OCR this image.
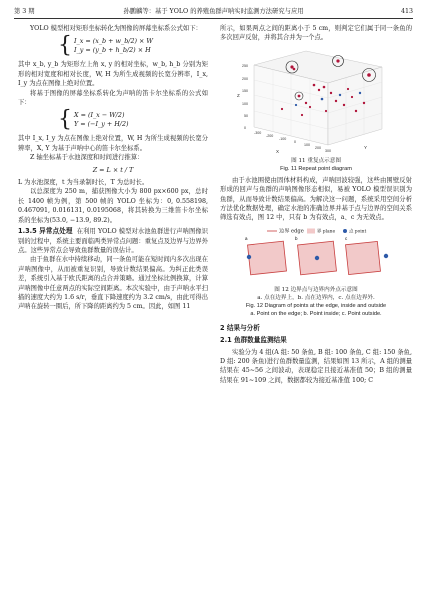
第 3 期	孙鹏麟等：基于 YOLO 的养殖鱼群声呐实时监测方法研究与应用	413

YOLO 模型相对矩形坐标转化为图像的屏幕坐标系公式如下：

{ I_x = (x_b + w_b/2) × W
I_y = (y_b + h_b/2) × H

其中 x_b, y_b 为矩形左上角 x, y 的相对坐标，w_b, h_b 分别为矩形的相对宽度和相对长度，W, H 为所生成视频的长宽分辨率，I_x, I_y 为点在图像上绝对位置。

将基于图像的屏幕坐标系转化为声呐的笛卡尔坐标系的公式如下：

{ X = (I_x − W/2)
Y = (−I_y + H/2)

其中 I_x, I_y 为点在图像上绝对位置，W, H 为所生成视频的长宽分辨率，X, Y 为基于声呐中心的笛卡尔坐标系。

Z 轴坐标基于水池深度和时间进行推算：

Z = L × t / T

L 为水池深度，t 为当录制时长，T 为总时长。

以总深度为 250 m，捕获图像大小为 800 px×600 px，总时长 1400 帧为例，第 500 帧的 YOLO 坐标为：0, 0.558198, 0.467091, 0.016131, 0.0195068，将其转换为三维笛卡尔坐标系的坐标为(53.0, −13.9, 89.2)。

1.3.5 异常点处理 在利用 YOLO 模型对水池鱼群进行声呐图像识别的过程中，系统主要面临两类异常点问题：重复点及边界与边界外点。这些异常点会导致鱼群数量的误估计。

由于鱼群在水中持续移动，同一条鱼可能在短时间内多次出现在声呐图像中，从而被重复识别，导致计数结果偏高。为纠正此类误差，系统引入基于欧氏距离的点合并策略。通过坐标比例换算，计算声呐图像中任意两点的实际空间距离。本次实验中，由于声呐水平扫描的速度大约为 1.6 s/r，垂直下降速度约为 3.2 cm/s，由此可得出声呐在旋转一圈后，所下降的距离约为 5 cm。因此，如图 11

所示，如果两点之间的距离小于 5 cm，则判定它们属于同一条鱼的多次回声反射，并将其合并为一个点。

0
50
100
150
200
250
-300
-200
-100
0
100
200
300
X
Y
Z
图 11 重复点示意图
Fig. 11 Repeat point diagram

由于水池围使由固体材料构成，声呐回波较强，这些由围壁反射形成的回声与鱼群的声呐图像形态相似，易被 YOLO 模型误识别为鱼群，从而导致计数结果偏高。为解决这一问题，系统采用空间分析方法优化数据处理，确定水池的准确边界并基于点与边界的空间关系筛选有效点，图 12 中，只有 b 为有效点，a、c 为无效点。

边界 edge	界 plane	点 point
a	b	c
图 12 边界点与边界内外点示意图
a. 点在边界上，b. 点在边界内，c. 点在边界外.
Fig. 12 Diagram of points at the edge, inside and outside
a. Point on the edge; b. Point inside; c. Point outside.
2 结果与分析
2.1 鱼群数量监测结果

实验分为 4 组(A 组: 50 条鱼, B 组: 100 条鱼, C 组: 150 条鱼, D 组: 200 条鱼)进行鱼群数量监测，结果如图 13 所示，A 组的测量结果在 45~56 之间波动，表现稳定且接近基准值 50；B 组的测量结果在 91~109 之间，数据都较为接近基准值 100; C
